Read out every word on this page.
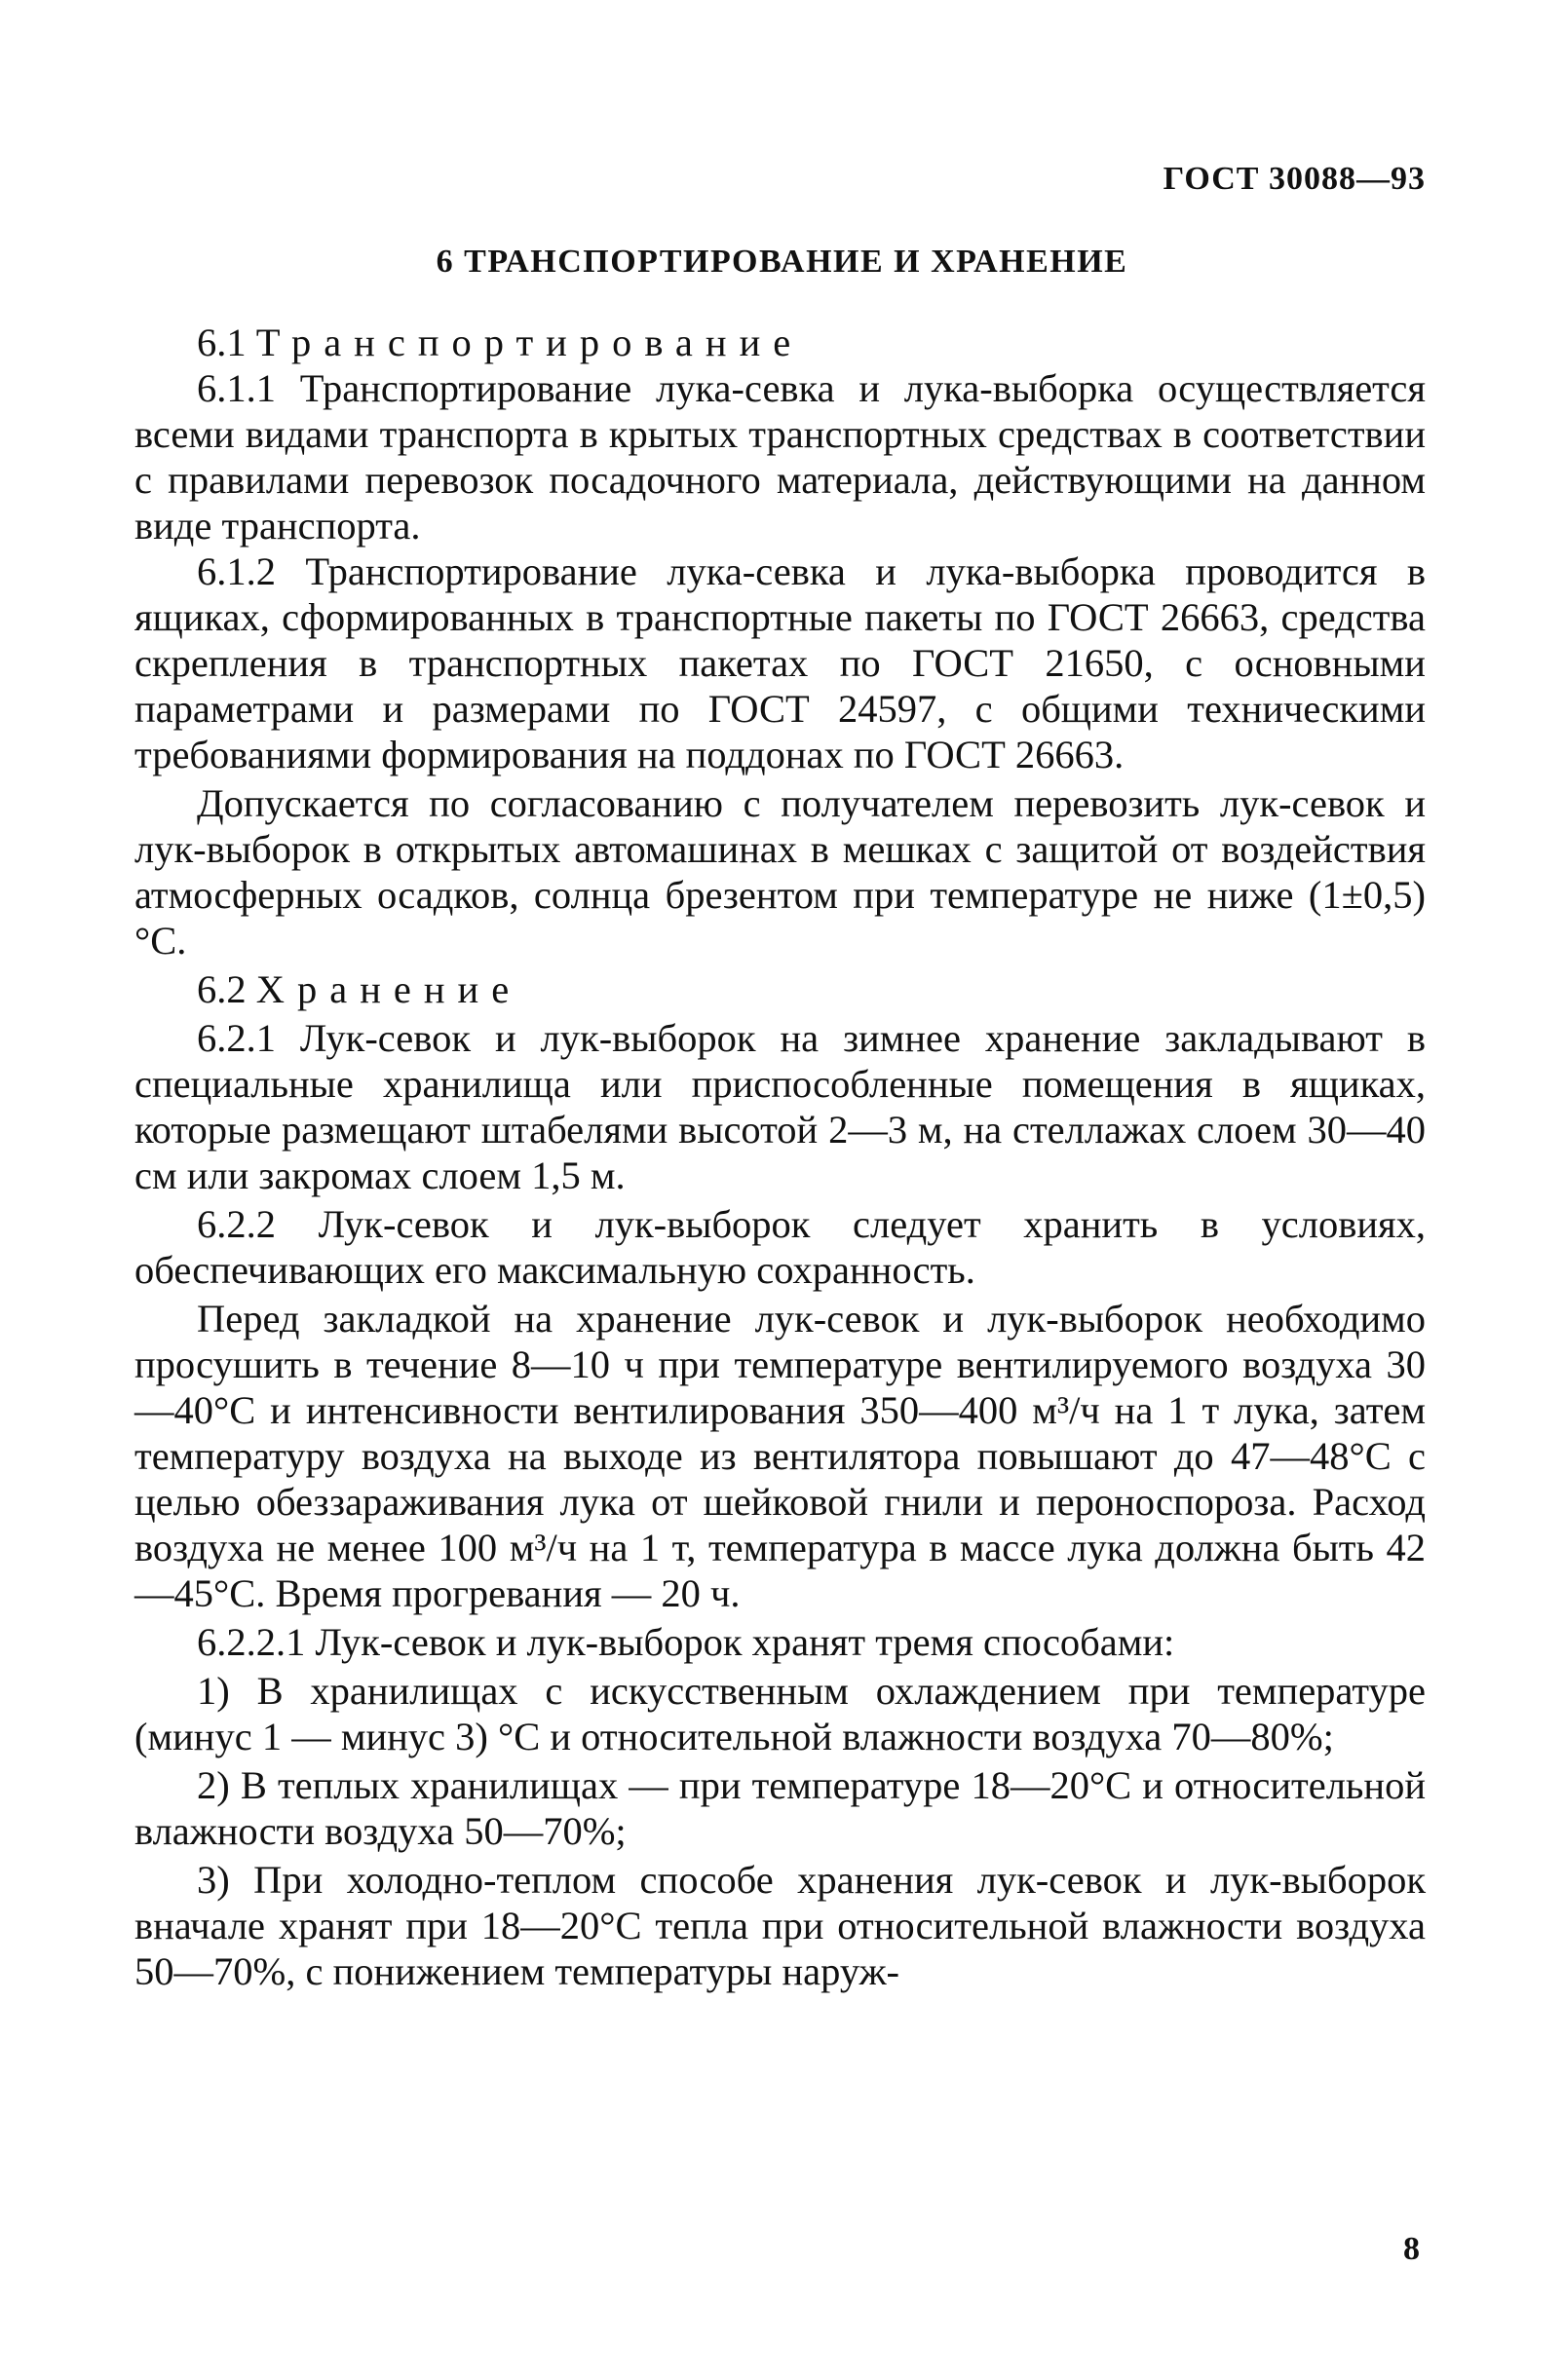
ГОСТ 30088—93
6 ТРАНСПОРТИРОВАНИЕ И ХРАНЕНИЕ

6.1 Транспортирование

6.1.1 Транспортирование лука-севка и лука-выборка осуществляется всеми видами транспорта в крытых транспортных средствах в соответствии с правилами перевозок посадочного материала, действующими на данном виде транспорта.

6.1.2 Транспортирование лука-севка и лука-выборка проводится в ящиках, сформированных в транспортные пакеты по ГОСТ 26663, средства скрепления в транспортных пакетах по ГОСТ 21650, с основными параметрами и размерами по ГОСТ 24597, с общими техническими требованиями формирования на поддонах по ГОСТ 26663.

Допускается по согласованию с получателем перевозить лук-севок и лук-выборок в открытых автомашинах в мешках с защитой от воздействия атмосферных осадков, солнца брезентом при температуре не ниже (1±0,5)°С.

6.2 Хранение

6.2.1 Лук-севок и лук-выборок на зимнее хранение закладывают в специальные хранилища или приспособленные помещения в ящиках, которые размещают штабелями высотой 2—3 м, на стеллажах слоем 30—40 см или закромах слоем 1,5 м.

6.2.2 Лук-севок и лук-выборок следует хранить в условиях, обеспечивающих его максимальную сохранность.

Перед закладкой на хранение лук-севок и лук-выборок необходимо просушить в течение 8—10 ч при температуре вентилируемого воздуха 30—40°С и интенсивности вентилирования 350—400 м³/ч на 1 т лука, затем температуру воздуха на выходе из вентилятора повышают до 47—48°С с целью обеззараживания лука от шейковой гнили и пероноспороза. Расход воздуха не менее 100 м³/ч на 1 т, температура в массе лука должна быть 42—45°С. Время прогревания — 20 ч.

6.2.2.1 Лук-севок и лук-выборок хранят тремя способами:

1) В хранилищах с искусственным охлаждением при температуре (минус 1 — минус 3) °С и относительной влажности воздуха 70—80%;

2) В теплых хранилищах — при температуре 18—20°С и относительной влажности воздуха 50—70%;

3) При холодно-теплом способе хранения лук-севок и лук-выборок вначале хранят при 18—20°С тепла при относительной влажности воздуха 50—70%, с понижением температуры наруж-

8
